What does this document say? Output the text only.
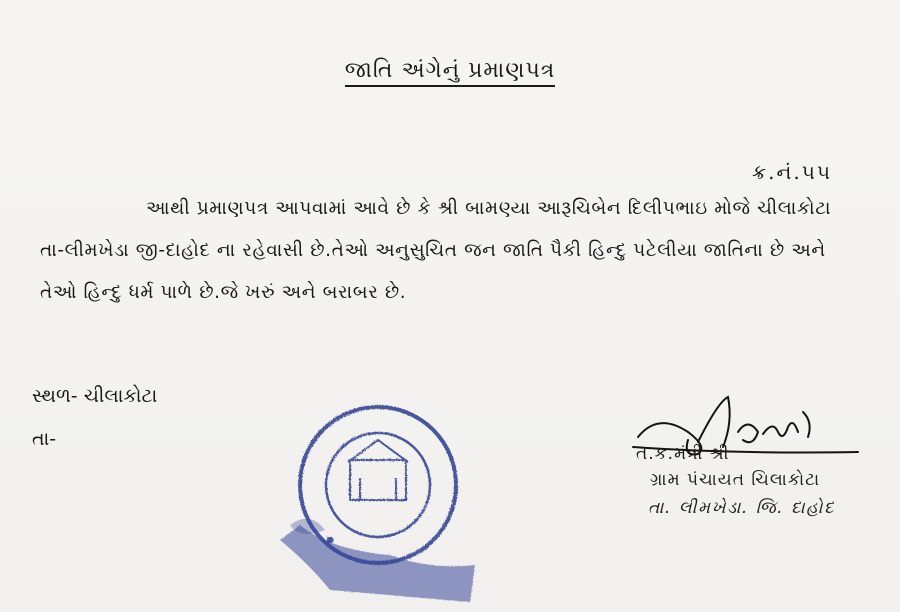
જાતિ અંગેનું પ્રમાણપત્ર
ક્ર.નં.૫૫
આથી પ્રમાણપત્ર આપવામાં આવે છે કે શ્રી બામણ્યા આરૂચિબેન દિલીપભાઇ મોજે ચીલાકોટા
તા-લીમખેડા જી-દાહોદ ના રહેવાસી છે.તેઓ અનુસુચિત જન જાતિ પૈકી હિન્દુ પટેલીયા જાતિના છે અને
તેઓ હિન્દુ ધર્મ પાળે છે.જે ખરું અને બરાબર છે.
સ્થળ- ચીલાકોટા
તા-
ત.ક.મંત્રી શ્રી
ગ્રામ પંચાયત ચિલાકોટા
તા. લીમખેડા. જિ. દાહોદ
